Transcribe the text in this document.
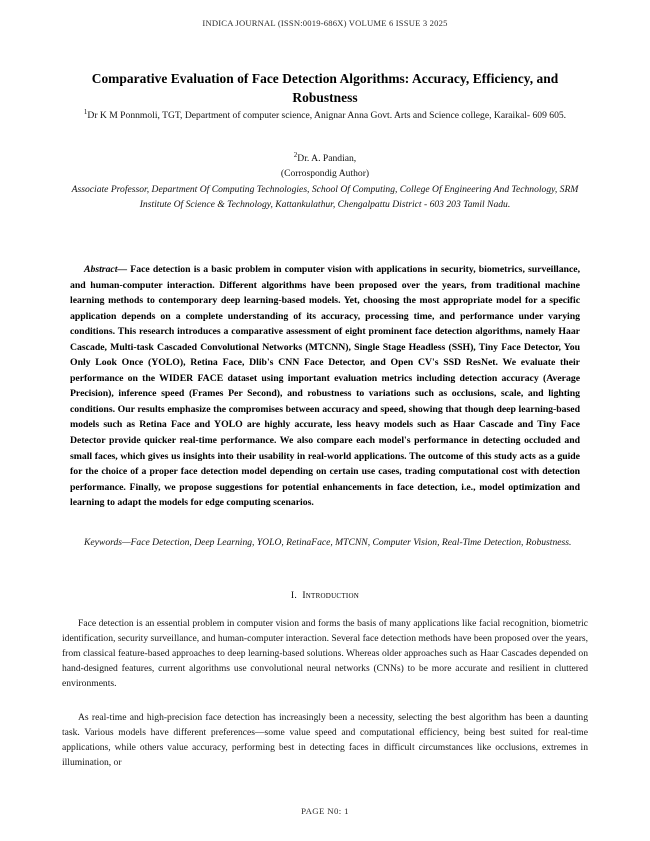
INDICA JOURNAL (ISSN:0019-686X) VOLUME 6 ISSUE 3 2025
Comparative Evaluation of Face Detection Algorithms: Accuracy, Efficiency, and Robustness
$^1$Dr K M Ponnmoli, TGT, Department of computer science, Anignar Anna Govt. Arts and Science college, Karaikal- 609 605.
$^2$Dr. A. Pandian,
(Corrospondig Author)
Associate Professor, Department Of Computing Technologies, School Of Computing, College Of Engineering And Technology, SRM Institute Of Science & Technology, Kattankulathur, Chengalpattu District - 603 203 Tamil Nadu.
Abstract— Face detection is a basic problem in computer vision with applications in security, biometrics, surveillance, and human-computer interaction. Different algorithms have been proposed over the years, from traditional machine learning methods to contemporary deep learning-based models. Yet, choosing the most appropriate model for a specific application depends on a complete understanding of its accuracy, processing time, and performance under varying conditions. This research introduces a comparative assessment of eight prominent face detection algorithms, namely Haar Cascade, Multi-task Cascaded Convolutional Networks (MTCNN), Single Stage Headless (SSH), Tiny Face Detector, You Only Look Once (YOLO), Retina Face, Dlib's CNN Face Detector, and Open CV's SSD ResNet. We evaluate their performance on the WIDER FACE dataset using important evaluation metrics including detection accuracy (Average Precision), inference speed (Frames Per Second), and robustness to variations such as occlusions, scale, and lighting conditions. Our results emphasize the compromises between accuracy and speed, showing that though deep learning-based models such as Retina Face and YOLO are highly accurate, less heavy models such as Haar Cascade and Tiny Face Detector provide quicker real-time performance. We also compare each model's performance in detecting occluded and small faces, which gives us insights into their usability in real-world applications. The outcome of this study acts as a guide for the choice of a proper face detection model depending on certain use cases, trading computational cost with detection performance. Finally, we propose suggestions for potential enhancements in face detection, i.e., model optimization and learning to adapt the models for edge computing scenarios.
Keywords—Face Detection, Deep Learning, YOLO, RetinaFace, MTCNN, Computer Vision, Real-Time Detection, Robustness.
I. Introduction

Face detection is an essential problem in computer vision and forms the basis of many applications like facial recognition, biometric identification, security surveillance, and human-computer interaction. Several face detection methods have been proposed over the years, from classical feature-based approaches to deep learning-based solutions. Whereas older approaches such as Haar Cascades depended on hand-designed features, current algorithms use convolutional neural networks (CNNs) to be more accurate and resilient in cluttered environments.

As real-time and high-precision face detection has increasingly been a necessity, selecting the best algorithm has been a daunting task. Various models have different preferences—some value speed and computational efficiency, being best suited for real-time applications, while others value accuracy, performing best in detecting faces in difficult circumstances like occlusions, extremes in illumination, or

PAGE N0: 1
